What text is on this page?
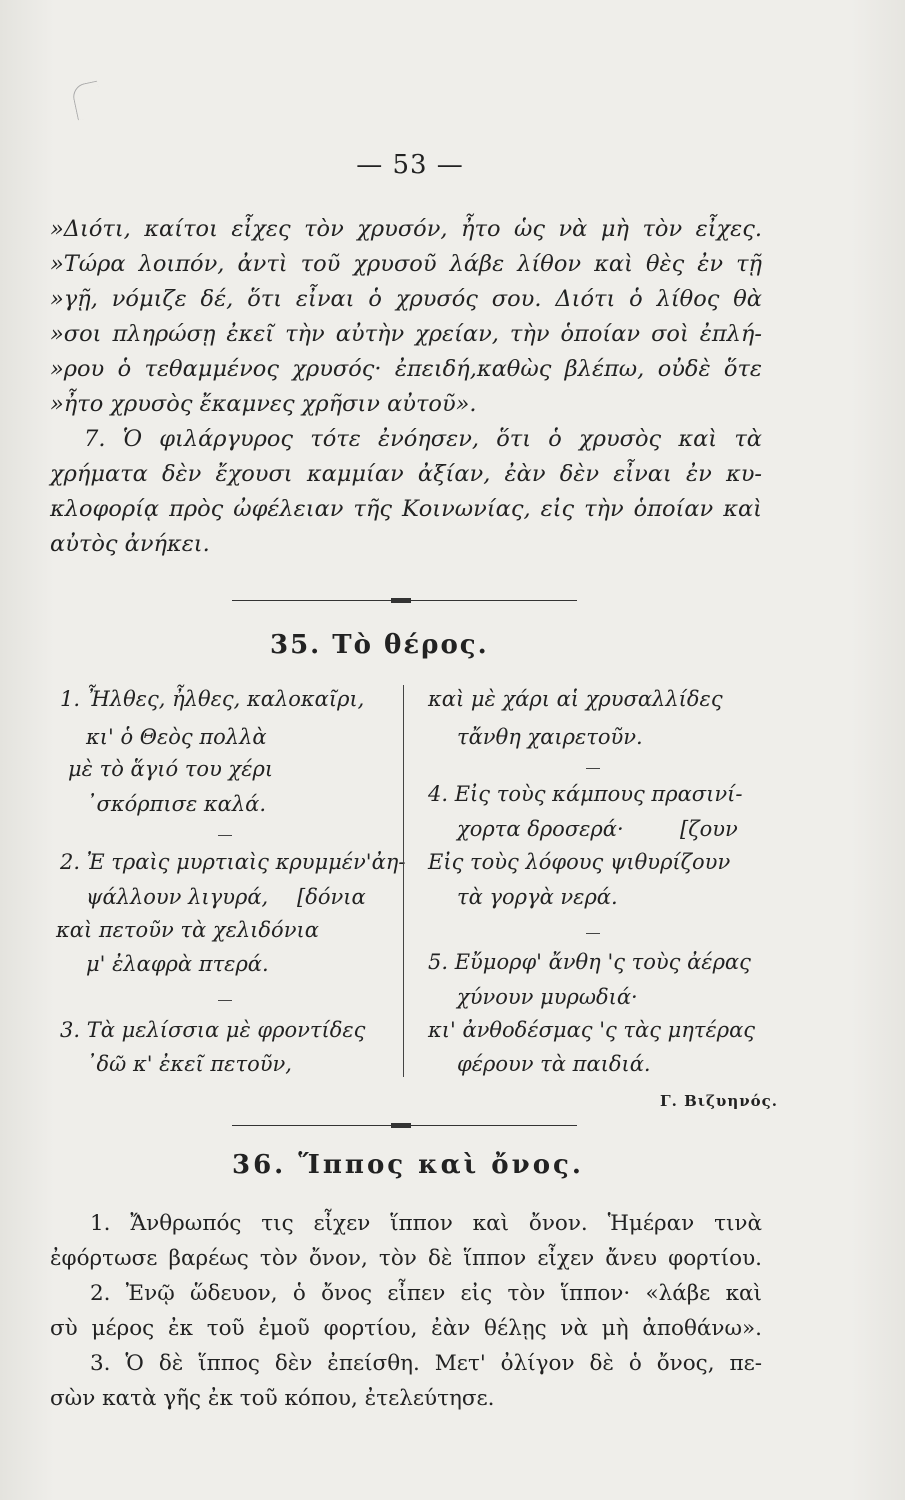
— 53 —
»Διότι, καίτοι εἶχες τὸν χρυσόν, ἦτο ὡς νὰ μὴ τὸν εἶχες.
»Τώρα λοιπόν, ἀντὶ τοῦ χρυσοῦ λάβε λίθον καὶ θὲς ἐν τῇ
»γῇ, νόμιζε δέ, ὅτι εἶναι ὁ χρυσός σου. Διότι ὁ λίθος θὰ
»σοι πληρώσῃ ἐκεῖ τὴν αὐτὴν χρείαν, τὴν ὁποίαν σοὶ ἐπλή-
»ρου ὁ τεθαμμένος χρυσός· ἐπειδή,καθὼς βλέπω, οὐδὲ ὅτε
»ἦτο χρυσὸς ἔκαμνες χρῆσιν αὐτοῦ».
7. Ὁ φιλάργυρος τότε ἐνόησεν, ὅτι ὁ χρυσὸς καὶ τὰ
χρήματα δὲν ἔχουσι καμμίαν ἀξίαν, ἐὰν δὲν εἶναι ἐν κυ-
κλοφορίᾳ πρὸς ὠφέλειαν τῆς Κοινωνίας, εἰς τὴν ὁποίαν καὶ
αὐτὸς ἀνήκει.
35. Τὸ θέρος.
1. Ἦλθες, ἦλθες, καλοκαῖρι,
κι' ὁ Θεὸς πολλὰ
μὲ τὸ ἅγιό του χέρι
᾿σκόρπισε καλά.
2. Ἐ τραὶς μυρτιαὶς κρυμμέν'ἀη-
ψάλλουν λιγυρά, [δόνια
καὶ πετοῦν τὰ χελιδόνια
μ' ἐλαφρὰ πτερά.
3. Τὰ μελίσσια μὲ φροντίδες
᾿δῶ κ' ἐκεῖ πετοῦν,
καὶ μὲ χάρι αἱ χρυσαλλίδες
τἄνθη χαιρετοῦν.
4. Εἰς τοὺς κάμπους πρασινί-
χορτα δροσερά·	[ζουν
Εἰς τοὺς λόφους ψιθυρίζουν
τὰ γοργὰ νερά.
5. Εὔμορφ' ἄνθη 'ς τοὺς ἀέρας
χύνουν μυρωδιά·
κι' ἀνθοδέσμας 'ς τὰς μητέρας
φέρουν τὰ παιδιά.
Γ. Βιζυηνός.
36. Ἵππος καὶ ὄνος.
1. Ἄνθρωπός τις εἶχεν ἵππον καὶ ὄνον. Ἡμέραν τινὰ
ἐφόρτωσε βαρέως τὸν ὄνον, τὸν δὲ ἵππον εἶχεν ἄνευ φορτίου.
2. Ἐνῷ ὥδευον, ὁ ὄνος εἶπεν εἰς τὸν ἵππον· «λάβε καὶ
σὺ μέρος ἐκ τοῦ ἐμοῦ φορτίου, ἐὰν θέλῃς νὰ μὴ ἀποθάνω».
3. Ὁ δὲ ἵππος δὲν ἐπείσθη. Μετ' ὀλίγον δὲ ὁ ὄνος, πε-
σὼν κατὰ γῆς ἐκ τοῦ κόπου, ἐτελεύτησε.
